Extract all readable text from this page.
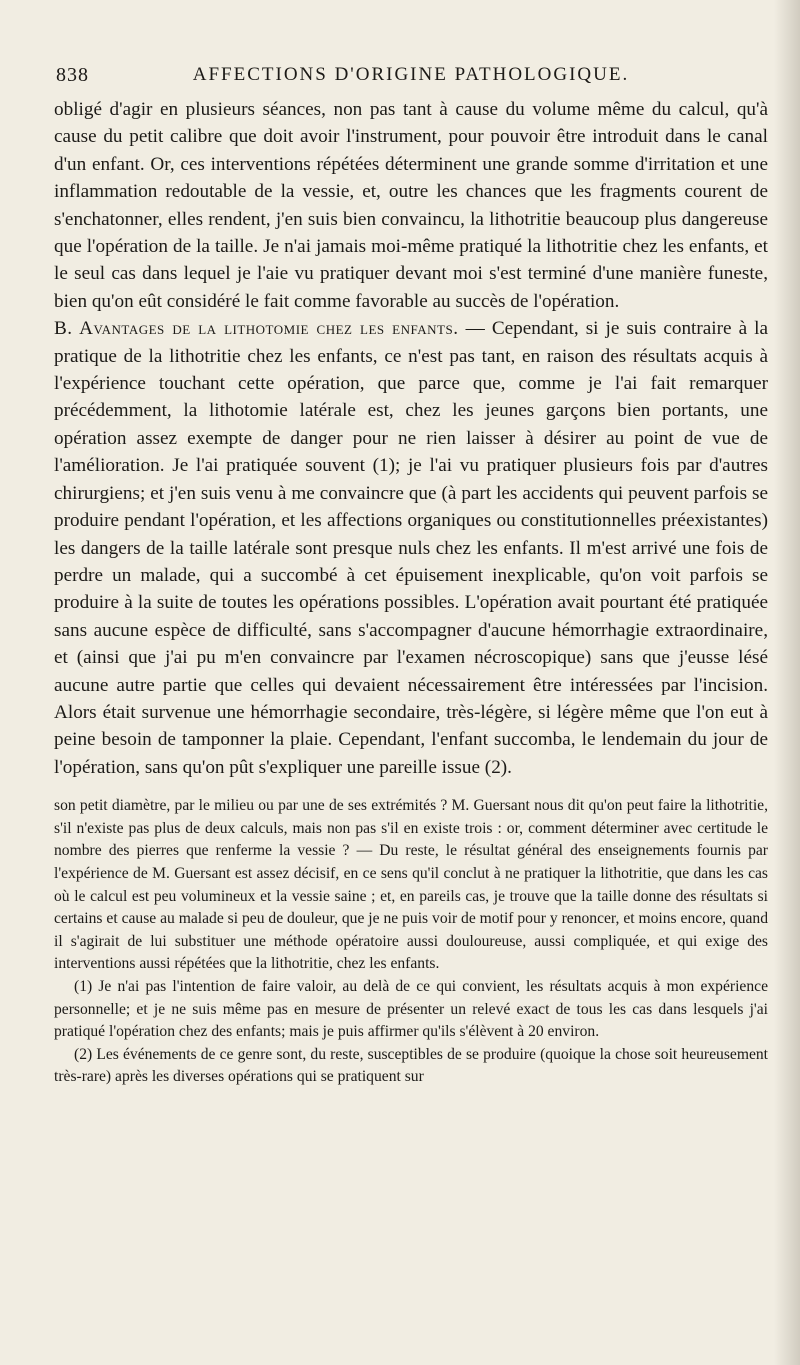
838	AFFECTIONS D'ORIGINE PATHOLOGIQUE.

obligé d'agir en plusieurs séances, non pas tant à cause du volume même du calcul, qu'à cause du petit calibre que doit avoir l'instrument, pour pouvoir être introduit dans le canal d'un enfant. Or, ces interventions répétées déterminent une grande somme d'irritation et une inflammation redoutable de la vessie, et, outre les chances que les fragments courent de s'enchatonner, elles rendent, j'en suis bien convaincu, la lithotritie beaucoup plus dangereuse que l'opération de la taille. Je n'ai jamais moi-même pratiqué la lithotritie chez les enfants, et le seul cas dans lequel je l'aie vu pratiquer devant moi s'est terminé d'une manière funeste, bien qu'on eût considéré le fait comme favorable au succès de l'opération.

B. Avantages de la lithotomie chez les enfants. — Cependant, si je suis contraire à la pratique de la lithotritie chez les enfants, ce n'est pas tant, en raison des résultats acquis à l'expérience touchant cette opération, que parce que, comme je l'ai fait remarquer précédemment, la lithotomie latérale est, chez les jeunes garçons bien portants, une opération assez exempte de danger pour ne rien laisser à désirer au point de vue de l'amélioration. Je l'ai pratiquée souvent (1); je l'ai vu pratiquer plusieurs fois par d'autres chirurgiens; et j'en suis venu à me convaincre que (à part les accidents qui peuvent parfois se produire pendant l'opération, et les affections organiques ou constitutionnelles préexistantes) les dangers de la taille latérale sont presque nuls chez les enfants. Il m'est arrivé une fois de perdre un malade, qui a succombé à cet épuisement inexplicable, qu'on voit parfois se produire à la suite de toutes les opérations possibles. L'opération avait pourtant été pratiquée sans aucune espèce de difficulté, sans s'accompagner d'aucune hémorrhagie extraordinaire, et (ainsi que j'ai pu m'en convaincre par l'examen nécroscopique) sans que j'eusse lésé aucune autre partie que celles qui devaient nécessairement être intéressées par l'incision. Alors était survenue une hémorrhagie secondaire, très-légère, si légère même que l'on eut à peine besoin de tamponner la plaie. Cependant, l'enfant succomba, le lendemain du jour de l'opération, sans qu'on pût s'expliquer une pareille issue (2).

son petit diamètre, par le milieu ou par une de ses extrémités ? M. Guersant nous dit qu'on peut faire la lithotritie, s'il n'existe pas plus de deux calculs, mais non pas s'il en existe trois : or, comment déterminer avec certitude le nombre des pierres que renferme la vessie ? — Du reste, le résultat général des enseignements fournis par l'expérience de M. Guersant est assez décisif, en ce sens qu'il conclut à ne pratiquer la lithotritie, que dans les cas où le calcul est peu volumineux et la vessie saine ; et, en pareils cas, je trouve que la taille donne des résultats si certains et cause au malade si peu de douleur, que je ne puis voir de motif pour y renoncer, et moins encore, quand il s'agirait de lui substituer une méthode opératoire aussi douloureuse, aussi compliquée, et qui exige des interventions aussi répétées que la lithotritie, chez les enfants.

(1) Je n'ai pas l'intention de faire valoir, au delà de ce qui convient, les résultats acquis à mon expérience personnelle; et je ne suis même pas en mesure de présenter un relevé exact de tous les cas dans lesquels j'ai pratiqué l'opération chez des enfants; mais je puis affirmer qu'ils s'élèvent à 20 environ.

(2) Les événements de ce genre sont, du reste, susceptibles de se produire (quoique la chose soit heureusement très-rare) après les diverses opérations qui se pratiquent sur
